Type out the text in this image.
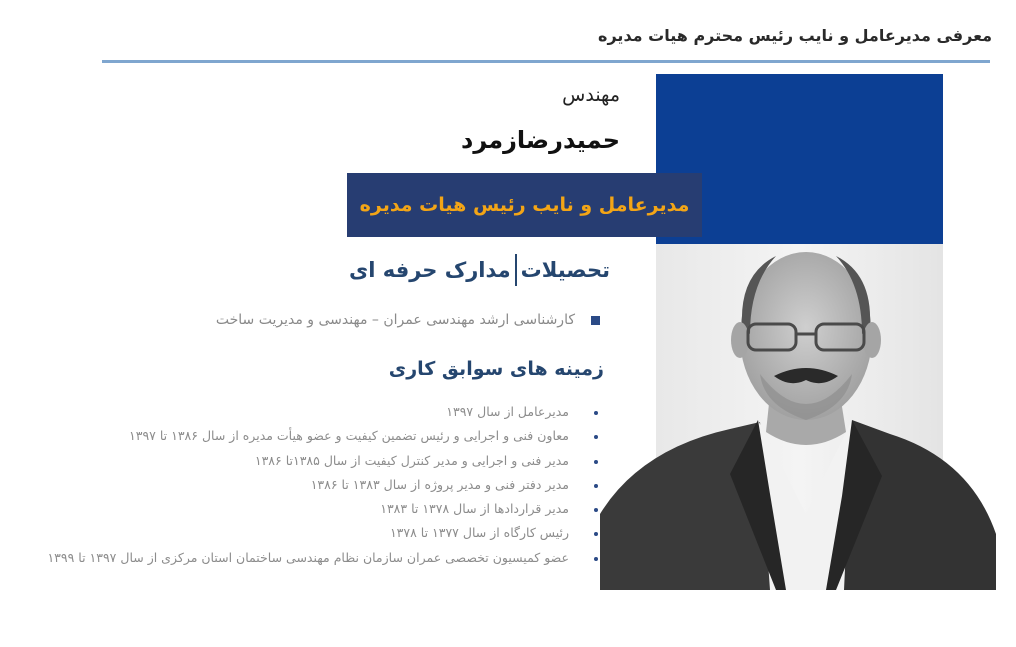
معرفی مدیرعامل و نایب رئیس محترم هیات مدیره
مهندس
حمیدرضازمرد
مدیرعامل و نایب رئیس هیات مدیره
تحصیلات
مدارک حرفه ای
کارشناسی ارشد مهندسی عمران – مهندسی و مدیریت ساخت
زمینه های سوابق کاری
مدیرعامل از سال ۱۳۹۷
معاون فنی و اجرایی و رئیس تضمین کیفیت و عضو هیأت مدیره از سال ۱۳۸۶ تا ۱۳۹۷
مدیر فنی و اجرایی و مدیر کنترل کیفیت از سال ۱۳۸۵تا ۱۳۸۶
مدیر دفتر فنی و مدیر پروژه از سال ۱۳۸۳ تا ۱۳۸۶
مدیر قراردادها از سال ۱۳۷۸ تا ۱۳۸۳
رئیس کارگاه از سال ۱۳۷۷ تا ۱۳۷۸
عضو کمیسیون تخصصی عمران سازمان نظام مهندسی ساختمان استان مرکزی از سال ۱۳۹۷ تا ۱۳۹۹
